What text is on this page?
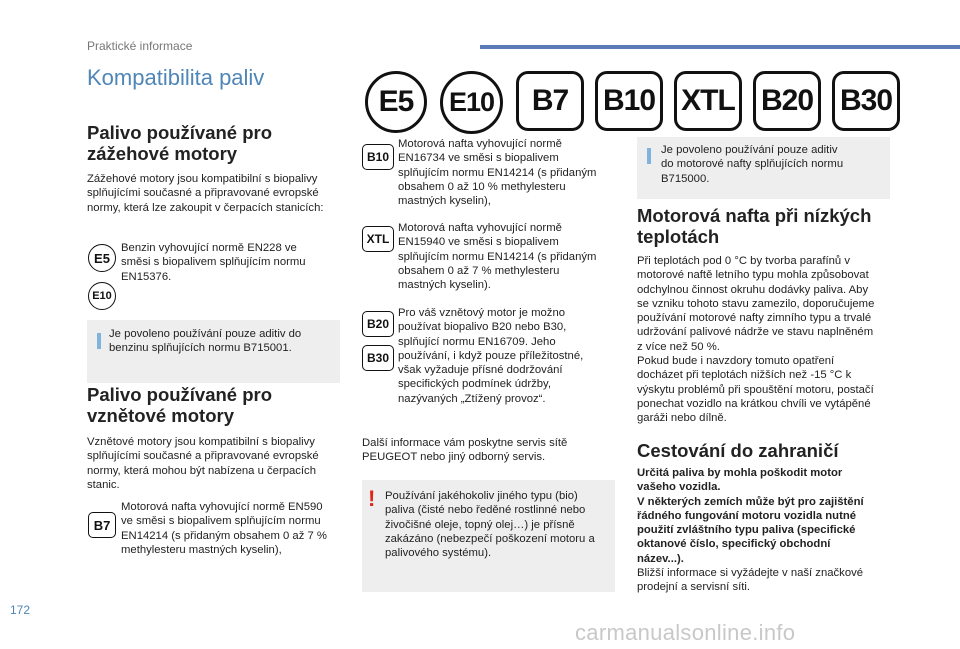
Praktické informace
Kompatibilita paliv
E5	E10	B7	B10 XTL B20 B30
Palivo používané pro
zážehové motory
Zážehové motory jsou kompatibilní s biopalivy
splňujícími současné a připravované evropské
normy, která lze zakoupit v čerpacích stanicích:
E5
E10
Benzin vyhovující normě EN228 ve
směsi s biopalivem splňujícím normu
EN15376.
Je povoleno používání pouze aditiv do
benzinu splňujících normu B715001.
Palivo používané pro
vznětové motory
Vznětové motory jsou kompatibilní s biopalivy
splňujícími současné a připravované evropské
normy, která mohou být nabízena u čerpacích
stanic.
B7
Motorová nafta vyhovující normě EN590
ve směsi s biopalivem splňujícím normu
EN14214 (s přidaným obsahem 0 až 7 %
methylesteru mastných kyselin),
B10
Motorová nafta vyhovující normě
EN16734 ve směsi s biopalivem
splňujícím normu EN14214 (s přidaným
obsahem 0 až 10 % methylesteru
mastných kyselin),
XTL
Motorová nafta vyhovující normě
EN15940 ve směsi s biopalivem
splňujícím normu EN14214 (s přidaným
obsahem 0 až 7 % methylesteru
mastných kyselin).
B20
B30
Pro váš vznětový motor je možno
používat biopalivo B20 nebo B30,
splňující normu EN16709. Jeho
používání, i když pouze příležitostné,
však vyžaduje přísné dodržování
specifických podmínek údržby,
nazývaných „Ztížený provoz“.
Další informace vám poskytne servis sítě
PEUGEOT nebo jiný odborný servis.
! Používání jakéhokoliv jiného typu (bio)
paliva (čisté nebo ředěné rostlinné nebo
živočišné oleje, topný olej…) je přísně
zakázáno (nebezpečí poškození motoru a
palivového systému).
Je povoleno používání pouze aditiv
do motorové nafty splňujících normu
B715000.
Motorová nafta při nízkých
teplotách
Při teplotách pod 0 °C by tvorba parafínů v
motorové naftě letního typu mohla způsobovat
odchylnou činnost okruhu dodávky paliva. Aby
se vzniku tohoto stavu zamezilo, doporučujeme
používání motorové nafty zimního typu a trvalé
udržování palivové nádrže ve stavu naplněném
z více než 50 %.
Pokud bude i navzdory tomuto opatření
docházet při teplotách nižších než -15 °C k
výskytu problémů při spouštění motoru, postačí
ponechat vozidlo na krátkou chvíli ve vytápěné
garáži nebo dílně.
Cestování do zahraničí
Určitá paliva by mohla poškodit motor
vašeho vozidla.
V některých zemích může být pro zajištění
řádného fungování motoru vozidla nutné
použití zvláštního typu paliva (specifické
oktanové číslo, specifický obchodní
název...).
Bližší informace si vyžádejte v naší značkové
prodejní a servisní síti.
172
carmanualsonline.info
